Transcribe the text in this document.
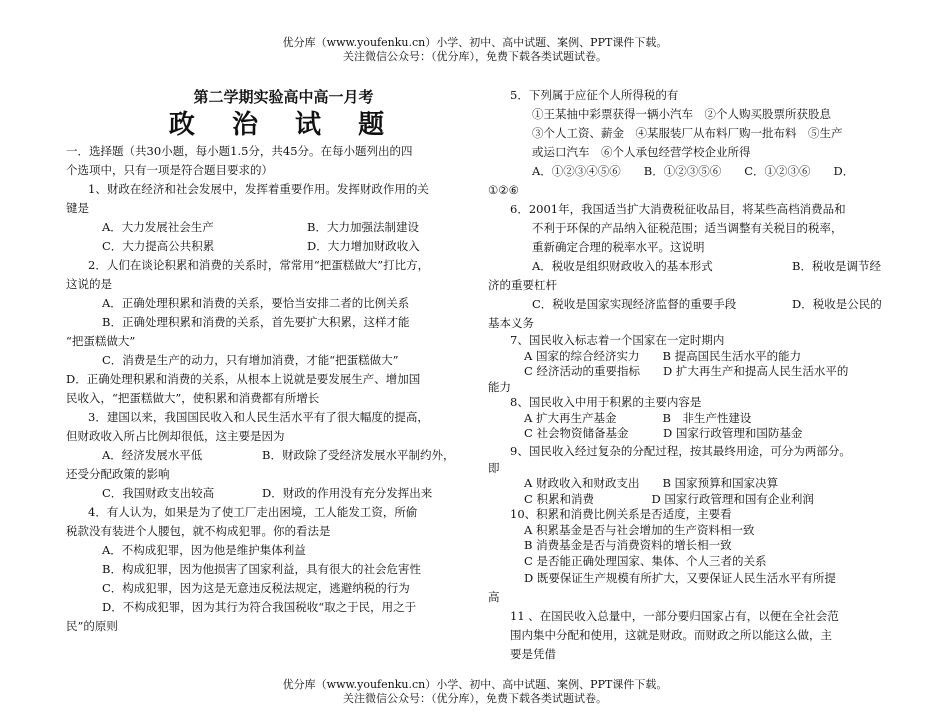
优分库（www.youfenku.cn）小学、初中、高中试题、案例、PPT课件下载。
关注微信公众号：（优分库），免费下载各类试题试卷。
第二学期实验高中高一月考
政 治 试 题
一．选择题（共30小题，每小题1.5分，共45分。在每小题列出的四
个选项中，只有一项是符合题目要求的）
1、财政在经济和社会发展中，发挥着重要作用。发挥财政作用的关
键是
A．大力发展社会生产	B．大力加强法制建设
C．大力提高公共积累	D．大力增加财政收入
2．人们在谈论积累和消费的关系时，常常用“把蛋糕做大”打比方，
这说的是
A．正确处理积累和消费的关系，要恰当安排二者的比例关系
B．正确处理积累和消费的关系，首先要扩大积累，这样才能
“把蛋糕做大”
C．消费是生产的动力，只有增加消费，才能“把蛋糕做大”
D．正确处理积累和消费的关系，从根本上说就是要发展生产、增加国
民收入，“把蛋糕做大”，使积累和消费都有所增长
3．建国以来，我国国民收入和人民生活水平有了很大幅度的提高，
但财政收入所占比例却很低，这主要是因为
A．经济发展水平低	B．财政除了受经济发展水平制约外，
还受分配政策的影响
C．我国财政支出较高	D．财政的作用没有充分发挥出来
4．有人认为，如果是为了使工厂走出困境，工人能发工资，所偷
税款没有装进个人腰包，就不构成犯罪。你的看法是
A．不构成犯罪，因为他是维护集体利益
B．构成犯罪，因为他损害了国家利益，具有很大的社会危害性
C．构成犯罪，因为这是无意违反税法规定，逃避纳税的行为
D．不构成犯罪，因为其行为符合我国税收“取之于民，用之于
民”的原则
5．下列属于应征个人所得税的有
①王某抽中彩票获得一辆小汽车　②个人购买股票所获股息
③个人工资、薪金　④某服装厂从布料厂购一批布料　⑤生产
或运口汽车　⑥个人承包经营学校企业所得
A．①②③④⑤⑥　　B．①②③⑤⑥　　C．①②③⑥　　D．
①②⑥
6．2001年，我国适当扩大消费税征收品目，将某些高档消费品和
不利于环保的产品纳入征税范围；适当调整有关税目的税率，
重新确定合理的税率水平。这说明
A．税收是组织财政收入的基本形式	B．税收是调节经
济的重要杠杆
C．税收是国家实现经济监督的重要手段	D．税收是公民的
基本义务
7、国民收入标志着一个国家在一定时期内
A 国家的综合经济实力　　B 提高国民生活水平的能力
C 经济活动的重要指标　　D 扩大再生产和提高人民生活水平的
能力
8、国民收入中用于积累的主要内容是
A 扩大再生产基金　　　　B　非生产性建设
C 社会物资储备基金　　　D 国家行政管理和国防基金
9、国民收入经过复杂的分配过程，按其最终用途，可分为两部分。
即
A 财政收入和财政支出　　B 国家预算和国家决算
C 积累和消费　　　　　D 国家行政管理和国有企业利润
10、积累和消费比例关系是否适度，主要看
A 积累基金是否与社会增加的生产资料相一致
B 消费基金是否与消费资料的增长相一致
C 是否能正确处理国家、集体、个人三者的关系
D 既要保证生产规模有所扩大，又要保证人民生活水平有所提
高
11 、在国民收入总量中，一部分要归国家占有，以便在全社会范
围内集中分配和使用，这就是财政。而财政之所以能这么做，主
要是凭借
优分库（www.youfenku.cn）小学、初中、高中试题、案例、PPT课件下载。
关注微信公众号：（优分库），免费下载各类试题试卷。
